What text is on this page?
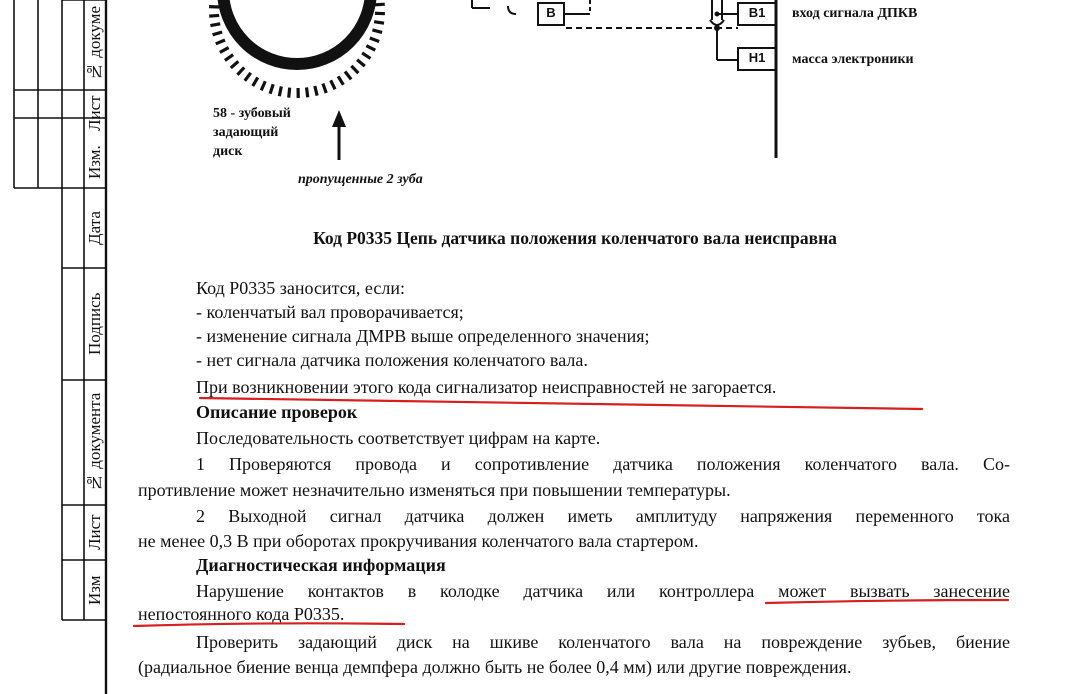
№ докуме
Лист
Изм.
Дата
Подпись
№ документа
Лист
Изм
B	B1
H1
вход сигнала ДПКВ
масса электроники
58 - зубовый
задающий
диск
пропущенные 2 зуба
Код P0335 Цепь датчика положения коленчатого вала неисправна
Код P0335 заносится, если:
- коленчатый вал проворачивается;
- изменение сигнала ДМРВ выше определенного значения;
- нет сигнала датчика положения коленчатого вала.
При возникновении этого кода сигнализатор неисправностей не загорается.
Описание проверок
Последовательность соответствует цифрам на карте.
1 Проверяются провода и сопротивление датчика положения коленчатого вала. Со-
противление может незначительно изменяться при повышении температуры.
2 Выходной сигнал датчика должен иметь амплитуду напряжения переменного тока
не менее 0,3 В при оборотах прокручивания коленчатого вала стартером.
Диагностическая информация
Нарушение контактов в колодке датчика или контроллера может вызвать занесение
непостоянного кода P0335.
Проверить задающий диск на шкиве коленчатого вала на повреждение зубьев, биение
(радиальное биение венца демпфера должно быть не более 0,4 мм) или другие повреждения.
